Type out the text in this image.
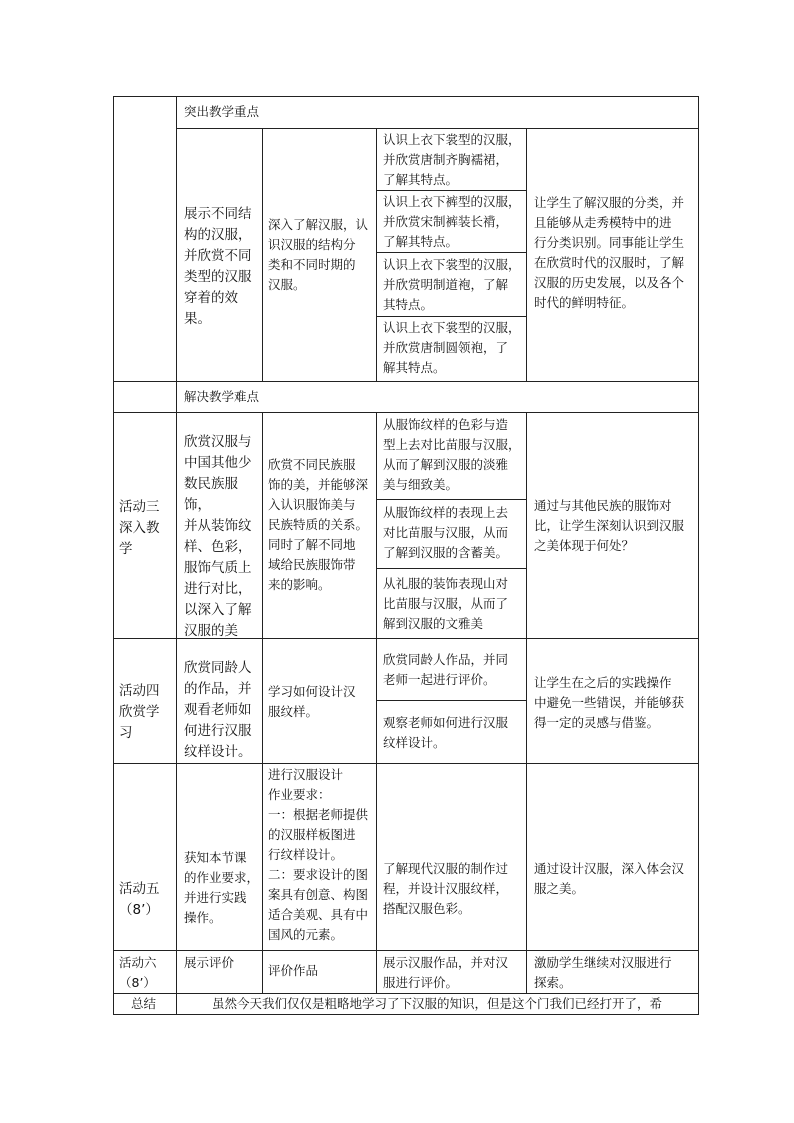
突出教学重点
解决教学难点
展示不同结
构的汉服，
并欣赏不同
类型的汉服
穿着的效果。
深入了解汉服，认
识汉服的结构分
类和不同时期的
汉服。
认识上衣下裳型的汉服，
并欣赏唐制齐胸襦裙，
了解其特点。
认识上衣下裤型的汉服，
并欣赏宋制裤装长褙，
了解其特点。
认识上衣下裳型的汉服，
并欣赏明制道袍，了解
其特点。
认识上衣下裳型的汉服，
并欣赏唐制圆领袍，了
解其特点。
让学生了解汉服的分类，并
且能够从走秀模特中的进
行分类识别。同事能让学生
在欣赏时代的汉服时，了解
汉服的历史发展，以及各个
时代的鲜明特征。
活动三
深入教
学
欣赏汉服与
中国其他少
数民族服饰，
并从装饰纹
样、色彩，
服饰气质上
进行对比，
以深入了解
汉服的美
欣赏不同民族服
饰的美，并能够深
入认识服饰美与
民族特质的关系。
同时了解不同地
域给民族服饰带
来的影响。
从服饰纹样的色彩与造
型上去对比苗服与汉服，
从而了解到汉服的淡雅
美与细致美。
从服饰纹样的表现上去
对比苗服与汉服，从而
了解到汉服的含蓄美。
从礼服的装饰表现山对
比苗服与汉服，从而了
解到汉服的文雅美
通过与其他民族的服饰对
比，让学生深刻认识到汉服
之美体现于何处？
活动四
欣赏学
习
欣赏同龄人
的作品，并
观看老师如
何进行汉服
纹样设计。
学习如何设计汉
服纹样。
欣赏同龄人作品，并同
老师一起进行评价。
观察老师如何进行汉服
纹样设计。
让学生在之后的实践操作
中避免一些错误，并能够获
得一定的灵感与借鉴。
活动五
（8’）
获知本节课
的作业要求，
并进行实践
操作。
进行汉服设计
作业要求：
一：根据老师提供
的汉服样板图进
行纹样设计。
二：要求设计的图
案具有创意、构图
适合美观、具有中
国风的元素。
了解现代汉服的制作过
程，并设计汉服纹样，
搭配汉服色彩。
通过设计汉服，深入体会汉
服之美。
活动六
（8’）
展示评价
评价作品
展示汉服作品，并对汉
服进行评价。
激励学生继续对汉服进行
探索。
总结	虽然今天我们仅仅是粗略地学习了下汉服的知识，但是这个门我们已经打开了，希
